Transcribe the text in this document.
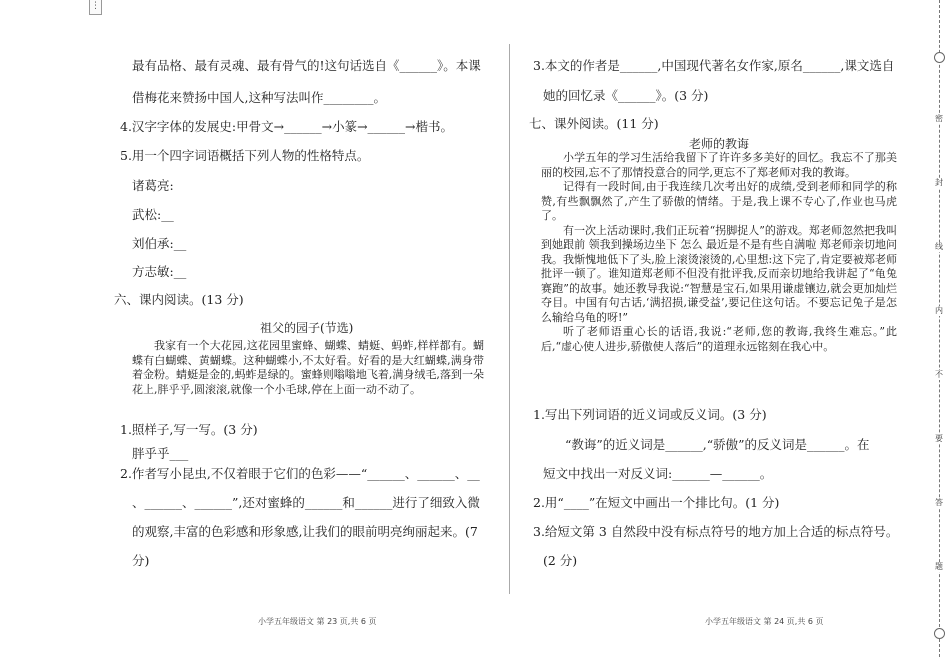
⋮
最有品格、最有灵魂、最有骨气的!这句话选自《______》。本课
借梅花来赞扬中国人,这种写法叫作________。
4.汉字字体的发展史:甲骨文→______→小篆→______→楷书。
5.用一个四字词语概括下列人物的性格特点。
诸葛亮:
武松:__
刘伯承:__
方志敏:__
六、课内阅读。(13 分)
祖父的园子(节选)

我家有一个大花园,这花园里蜜蜂、蝴蝶、蜻蜓、蚂蚱,样样都有。蝴蝶有白蝴蝶、黄蝴蝶。这种蝴蝶小,不太好看。好看的是大红蝴蝶,满身带着金粉。蜻蜓是金的,蚂蚱是绿的。蜜蜂则嗡嗡地飞着,满身绒毛,落到一朵花上,胖乎乎,圆滚滚,就像一个小毛球,停在上面一动不动了。

1.照样子,写一写。(3 分)
胖乎乎___
2.作者写小昆虫,不仅着眼于它们的色彩——“______、______、__
、______、______”,还对蜜蜂的______和______进行了细致入微
的观察,丰富的色彩感和形象感,让我们的眼前明亮绚丽起来。(7
分)
小学五年级语文 第 23 页,共 6 页
3.本文的作者是______,中国现代著名女作家,原名______,课文选自
她的回忆录《______》。(3 分)
七、课外阅读。(11 分)
老师的教诲

小学五年的学习生活给我留下了许许多多美好的回忆。我忘不了那美丽的校园,忘不了那情投意合的同学,更忘不了郑老师对我的教诲。

记得有一段时间,由于我连续几次考出好的成绩,受到老师和同学的称赞,有些飘飘然了,产生了骄傲的情绪。于是,我上课不专心了,作业也马虎了。

有一次上活动课时,我们正玩着“拐脚捉人”的游戏。郑老师忽然把我叫到她跟前 领我到操场边坐下 怎么 最近是不是有些自满啦 郑老师亲切地问我。我惭愧地低下了头,脸上滚烫滚烫的,心里想:这下完了,肯定要被郑老师批评一顿了。谁知道郑老师不但没有批评我,反而亲切地给我讲起了“龟兔赛跑”的故事。她还教导我说:“智慧是宝石,如果用谦虚镶边,就会更加灿烂夺目。中国有句古话,‘满招损,谦受益’,要记住这句话。不要忘记兔子是怎么输给乌龟的呀!”

听了老师语重心长的话语,我说:“老师,您的教诲,我终生难忘。”此后,“虚心使人进步,骄傲使人落后”的道理永远铭刻在我心中。

1.写出下列词语的近义词或反义词。(3 分)
“教诲”的近义词是______,“骄傲”的反义词是______。在
短文中找出一对反义词:______—______。
2.用“____”在短文中画出一个排比句。(1 分)
3.给短文第 3 自然段中没有标点符号的地方加上合适的标点符号。
(2 分)
小学五年级语文 第 24 页,共 6 页
密
封
线
内
不
要
答
题
